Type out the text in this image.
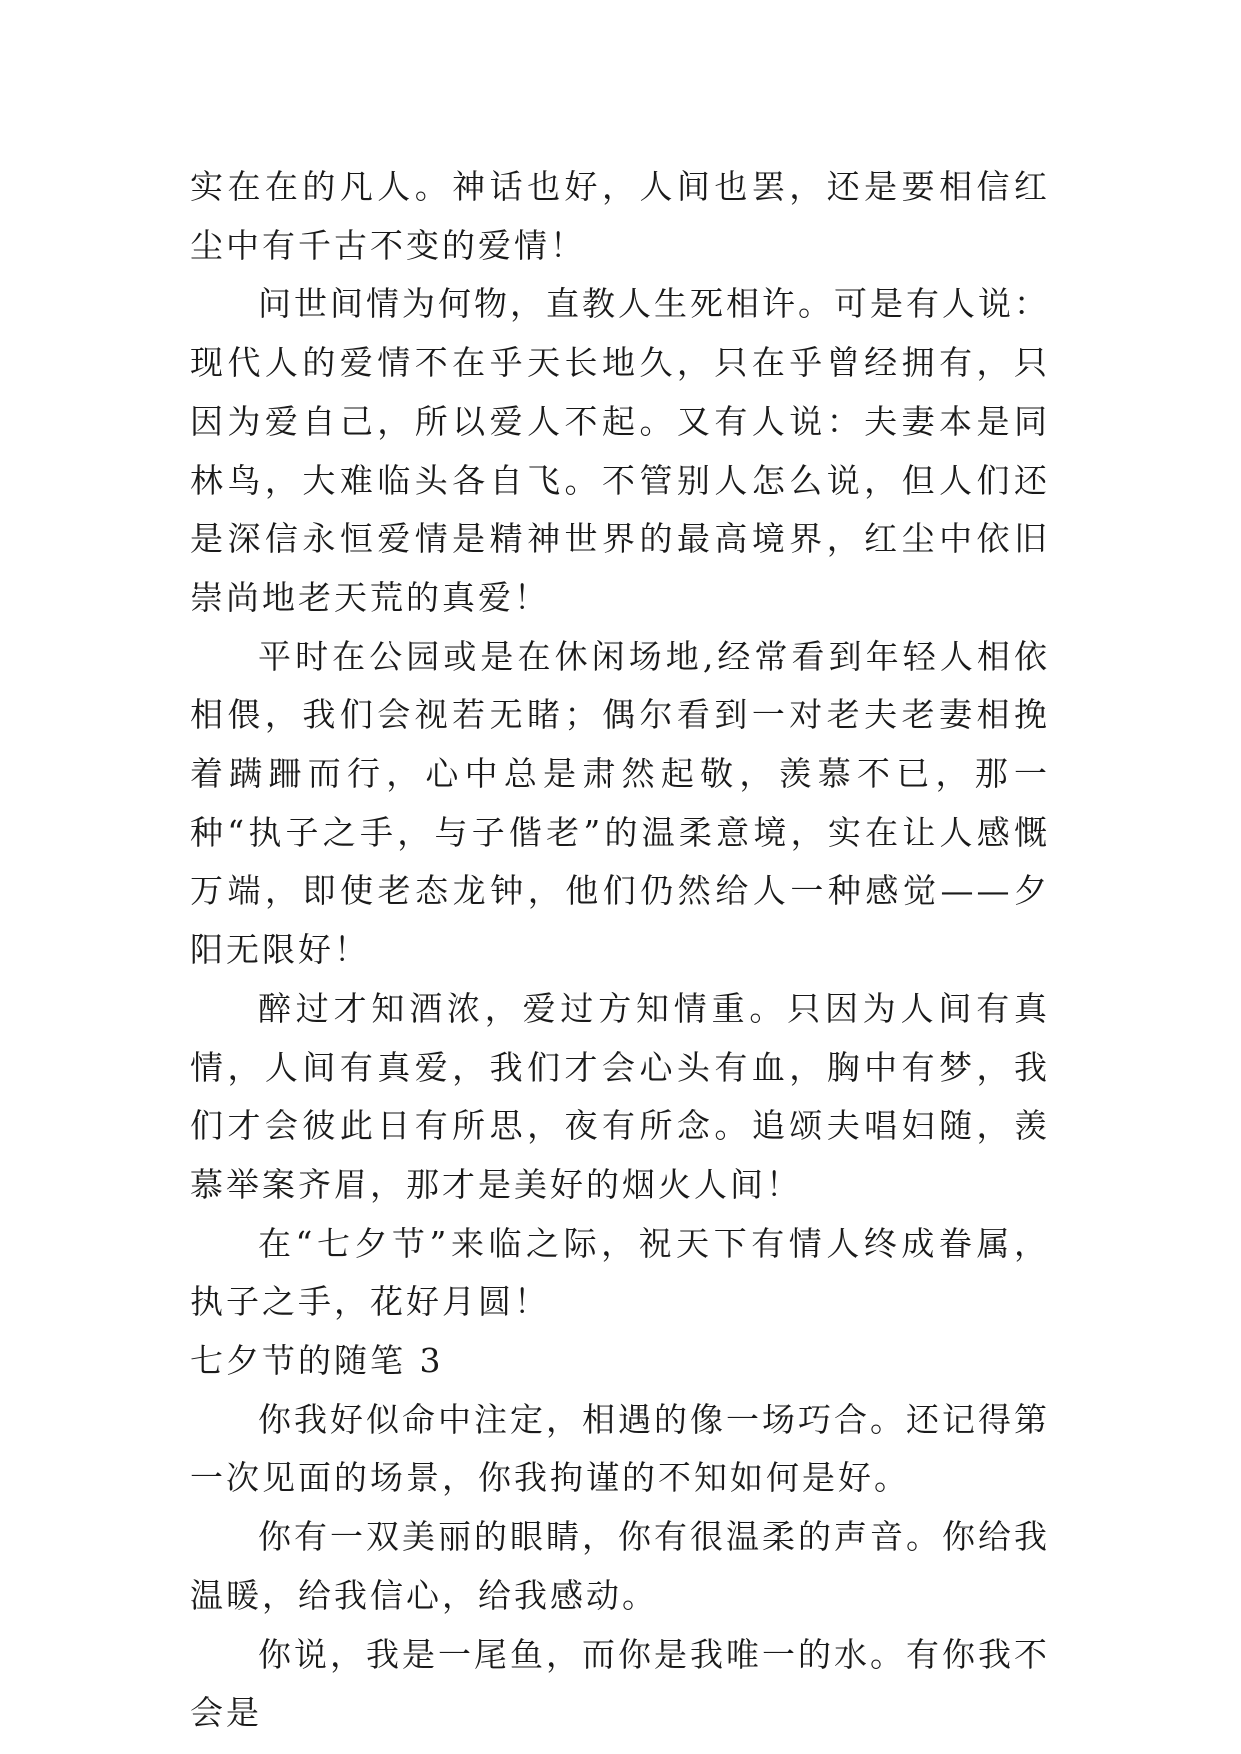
实在在的凡人。神话也好，人间也罢，还是要相信红尘中有千古不变的爱情！

问世间情为何物，直教人生死相许。可是有人说：现代人的爱情不在乎天长地久，只在乎曾经拥有，只因为爱自己，所以爱人不起。又有人说：夫妻本是同林鸟，大难临头各自飞。不管别人怎么说，但人们还是深信永恒爱情是精神世界的最高境界，红尘中依旧崇尚地老天荒的真爱！

平时在公园或是在休闲场地,经常看到年轻人相依相偎，我们会视若无睹；偶尔看到一对老夫老妻相挽着蹒跚而行，心中总是肃然起敬，羡慕不已，那一种“执子之手，与子偕老”的温柔意境，实在让人感慨万端，即使老态龙钟，他们仍然给人一种感觉——夕阳无限好！

醉过才知酒浓，爱过方知情重。只因为人间有真情，人间有真爱，我们才会心头有血，胸中有梦，我们才会彼此日有所思，夜有所念。追颂夫唱妇随，羡慕举案齐眉，那才是美好的烟火人间！

在“七夕节”来临之际，祝天下有情人终成眷属，执子之手，花好月圆！

七夕节的随笔 3

你我好似命中注定，相遇的像一场巧合。还记得第一次见面的场景，你我拘谨的不知如何是好。

你有一双美丽的眼睛，你有很温柔的声音。你给我温暖，给我信心，给我感动。

你说，我是一尾鱼，而你是我唯一的水。有你我不会是
